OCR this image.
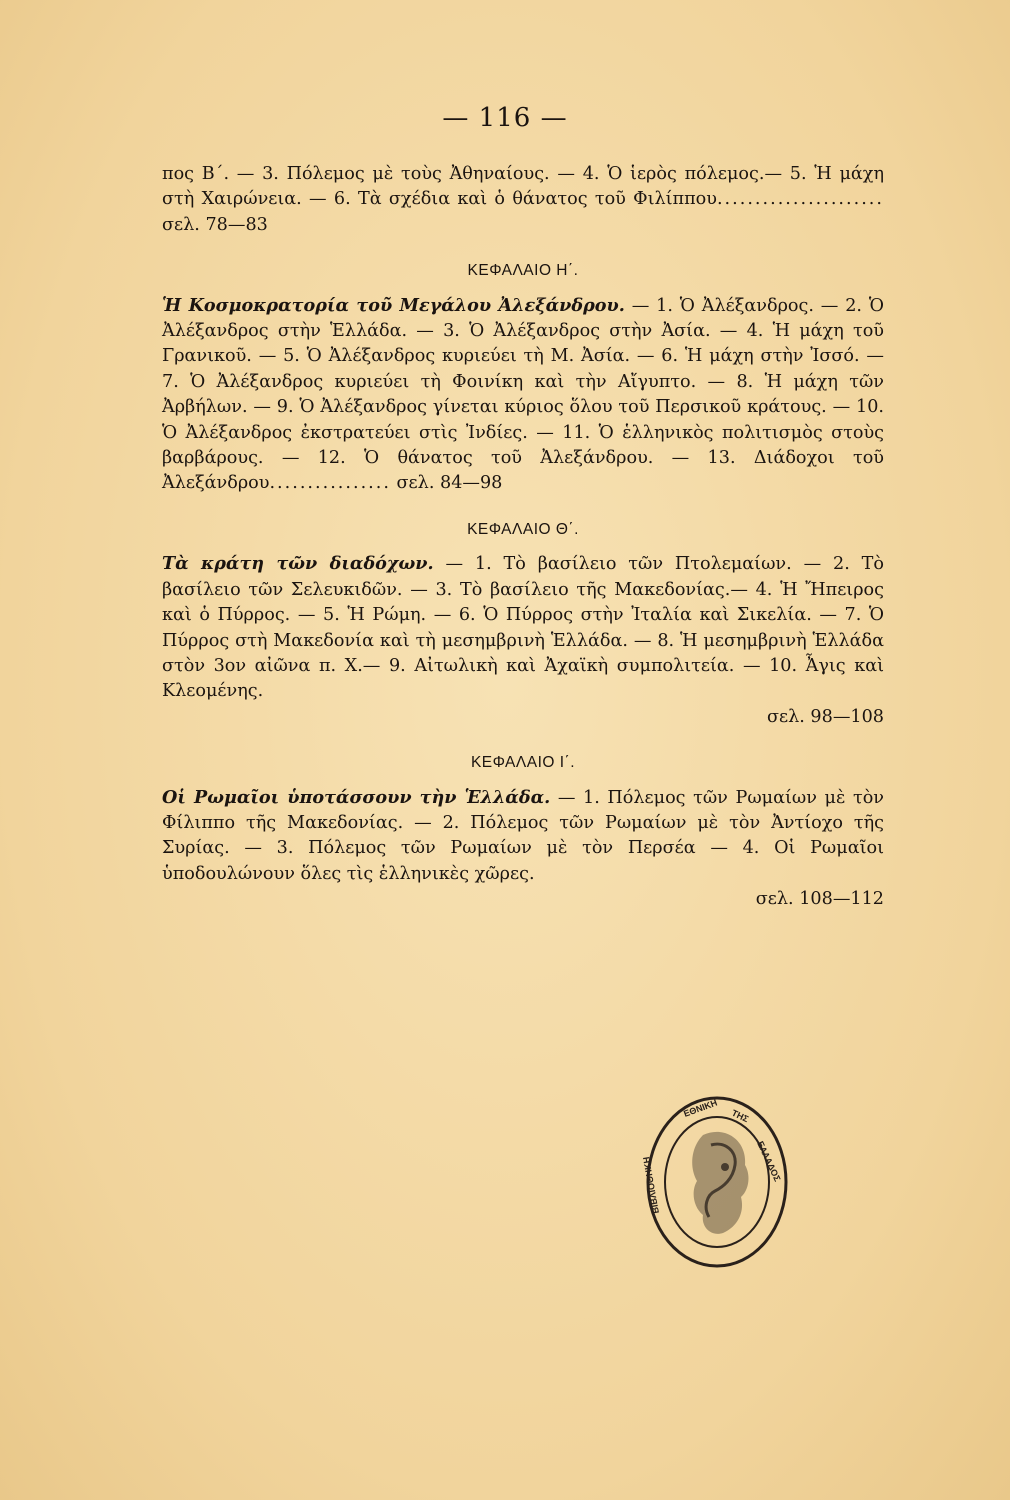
— 116 —

πος Β΄. — 3. Πόλεμος μὲ τοὺς Ἀθηναίους. — 4. Ὁ ἱερὸς πόλεμος.— 5. Ἡ μάχη στὴ Χαιρώνεια. — 6. Τὰ σχέδια καὶ ὁ θάνατος τοῦ Φιλίππου...................... σελ. 78—83

ΚΕΦΑΛΑΙΟ Η΄.

Ἡ Κοσμοκρατορία τοῦ Μεγάλου Ἀλεξάνδρου. — 1. Ὁ Ἀλέξανδρος. — 2. Ὁ Ἀλέξανδρος στὴν Ἑλλάδα. — 3. Ὁ Ἀλέξανδρος στὴν Ἀσία. — 4. Ἡ μάχη τοῦ Γρανικοῦ. — 5. Ὁ Ἀλέξανδρος κυριεύει τὴ Μ. Ἀσία. — 6. Ἡ μάχη στὴν Ἰσσό. — 7. Ὁ Ἀλέξανδρος κυριεύει τὴ Φοινίκη καὶ τὴν Αἴγυπτο. — 8. Ἡ μάχη τῶν Ἀρβήλων. — 9. Ὁ Ἀλέξανδρος γίνεται κύριος ὅλου τοῦ Περσικοῦ κράτους. — 10. Ὁ Ἀλέξανδρος ἐκστρατεύει στὶς Ἰνδίες. — 11. Ὁ ἑλληνικὸς πολιτισμὸς στοὺς βαρβάρους. — 12. Ὁ θάνατος τοῦ Ἀλεξάνδρου. — 13. Διάδοχοι τοῦ Ἀλεξάνδρου................ σελ. 84—98

ΚΕΦΑΛΑΙΟ Θ΄.

Τὰ κράτη τῶν διαδόχων. — 1. Τὸ βασίλειο τῶν Πτολεμαίων. — 2. Τὸ βασίλειο τῶν Σελευκιδῶν. — 3. Τὸ βασίλειο τῆς Μακεδονίας.— 4. Ἡ Ἤπειρος καὶ ὁ Πύρρος. — 5. Ἡ Ρώμη. — 6. Ὁ Πύρρος στὴν Ἰταλία καὶ Σικελία. — 7. Ὁ Πύρρος στὴ Μακεδονία καὶ τὴ μεσημβρινὴ Ἑλλάδα. — 8. Ἡ μεσημβρινὴ Ἑλλάδα στὸν 3ον αἰῶνα π. Χ.— 9. Αἰτωλικὴ καὶ Ἀχαϊκὴ συμπολιτεία. — 10. Ἆγις καὶ Κλεομένης.

σελ. 98—108
ΚΕΦΑΛΑΙΟ Ι΄.

Οἱ Ρωμαῖοι ὑποτάσσουν τὴν Ἑλλάδα. — 1. Πόλεμος τῶν Ρωμαίων μὲ τὸν Φίλιππο τῆς Μακεδονίας. — 2. Πόλεμος τῶν Ρωμαίων μὲ τὸν Ἀντίοχο τῆς Συρίας. — 3. Πόλεμος τῶν Ρωμαίων μὲ τὸν Περσέα — 4. Οἱ Ρωμαῖοι ὑποδουλώνουν ὅλες τὶς ἑλληνικὲς χῶρες.

σελ. 108—112
ΕΘΝΙΚΗ ΤΗΣ
ΕΛΛΑΔΟΣ
ΒΙΒΛΙΟΘΗΚΗ
